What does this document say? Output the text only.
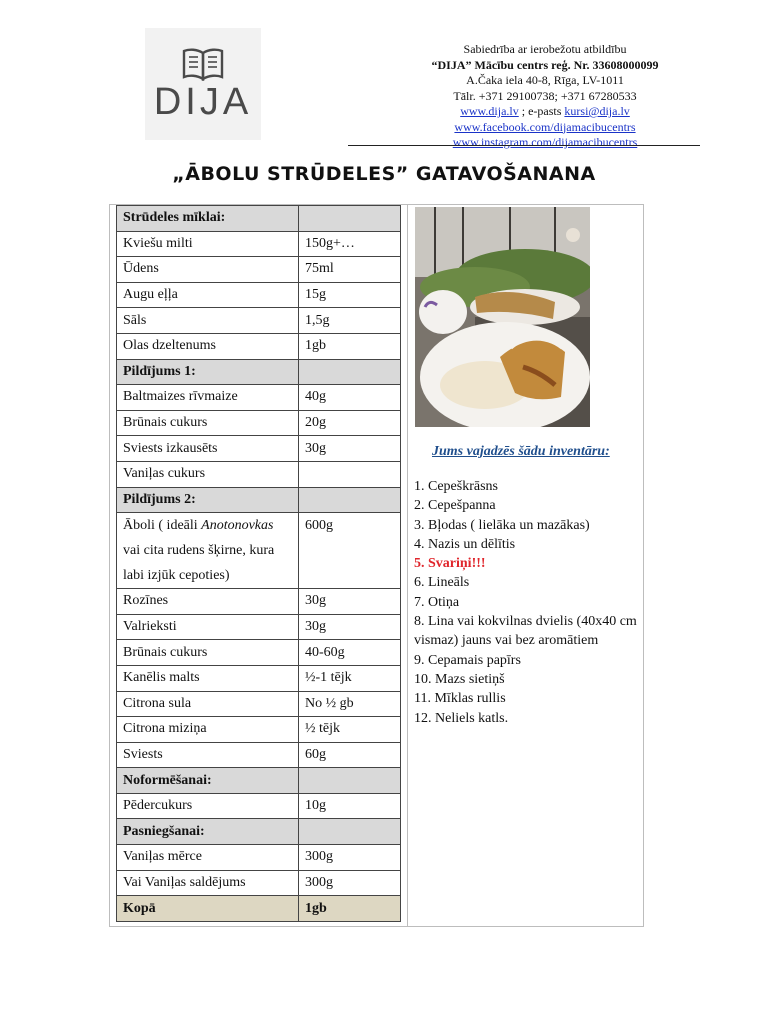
DIJA
Sabiedrība ar ierobežotu atbildību
“DIJA” Mācību centrs reģ. Nr. 33608000099
A.Čaka iela 40-8, Rīga, LV-1011
Tālr. +371 29100738; +371 67280533
www.dija.lv ; e-pasts kursi@dija.lv
www.facebook.com/dijamacibucentrs
www.instagram.com/dijamacibucentrs
„ĀBOLU STRŪDELES” GATAVOŠANANA
Strūdeles mīklai:	
Kviešu milti	150g+…
Ūdens	75ml
Augu eļļa	15g
Sāls	1,5g
Olas dzeltenums	1gb
Pildījums 1:	
Baltmaizes rīvmaize	40g
Brūnais cukurs	20g
Sviests izkausēts	30g
Vaniļas cukurs	
Pildījums 2:	
Āboli ( ideāli Anotonovkas vai cita rudens šķirne, kura labi izjūk cepoties)	600g
Rozīnes	30g
Valrieksti	30g
Brūnais cukurs	40-60g
Kanēlis malts	½-1 tējk
Citrona sula	No ½ gb
Citrona miziņa	½ tējk
Sviests	60g
Noformēšanai:	
Pēdercukurs	10g
Pasniegšanai:	
Vaniļas mērce	300g
Vai Vaniļas saldējums	300g
Kopā	1gb
Jums vajadzēs šādu inventāru:
1. Cepeškrāsns
2. Cepešpanna
3. Bļodas ( lielāka un mazākas)
4. Nazis un dēlītis
5. Svariņi!!!
6. Lineāls
7. Otiņa
8. Lina vai kokvilnas dvielis (40x40 cm vismaz) jauns vai bez aromātiem
9. Cepamais papīrs
10. Mazs sietiņš
11. Mīklas rullis
12. Neliels katls.
